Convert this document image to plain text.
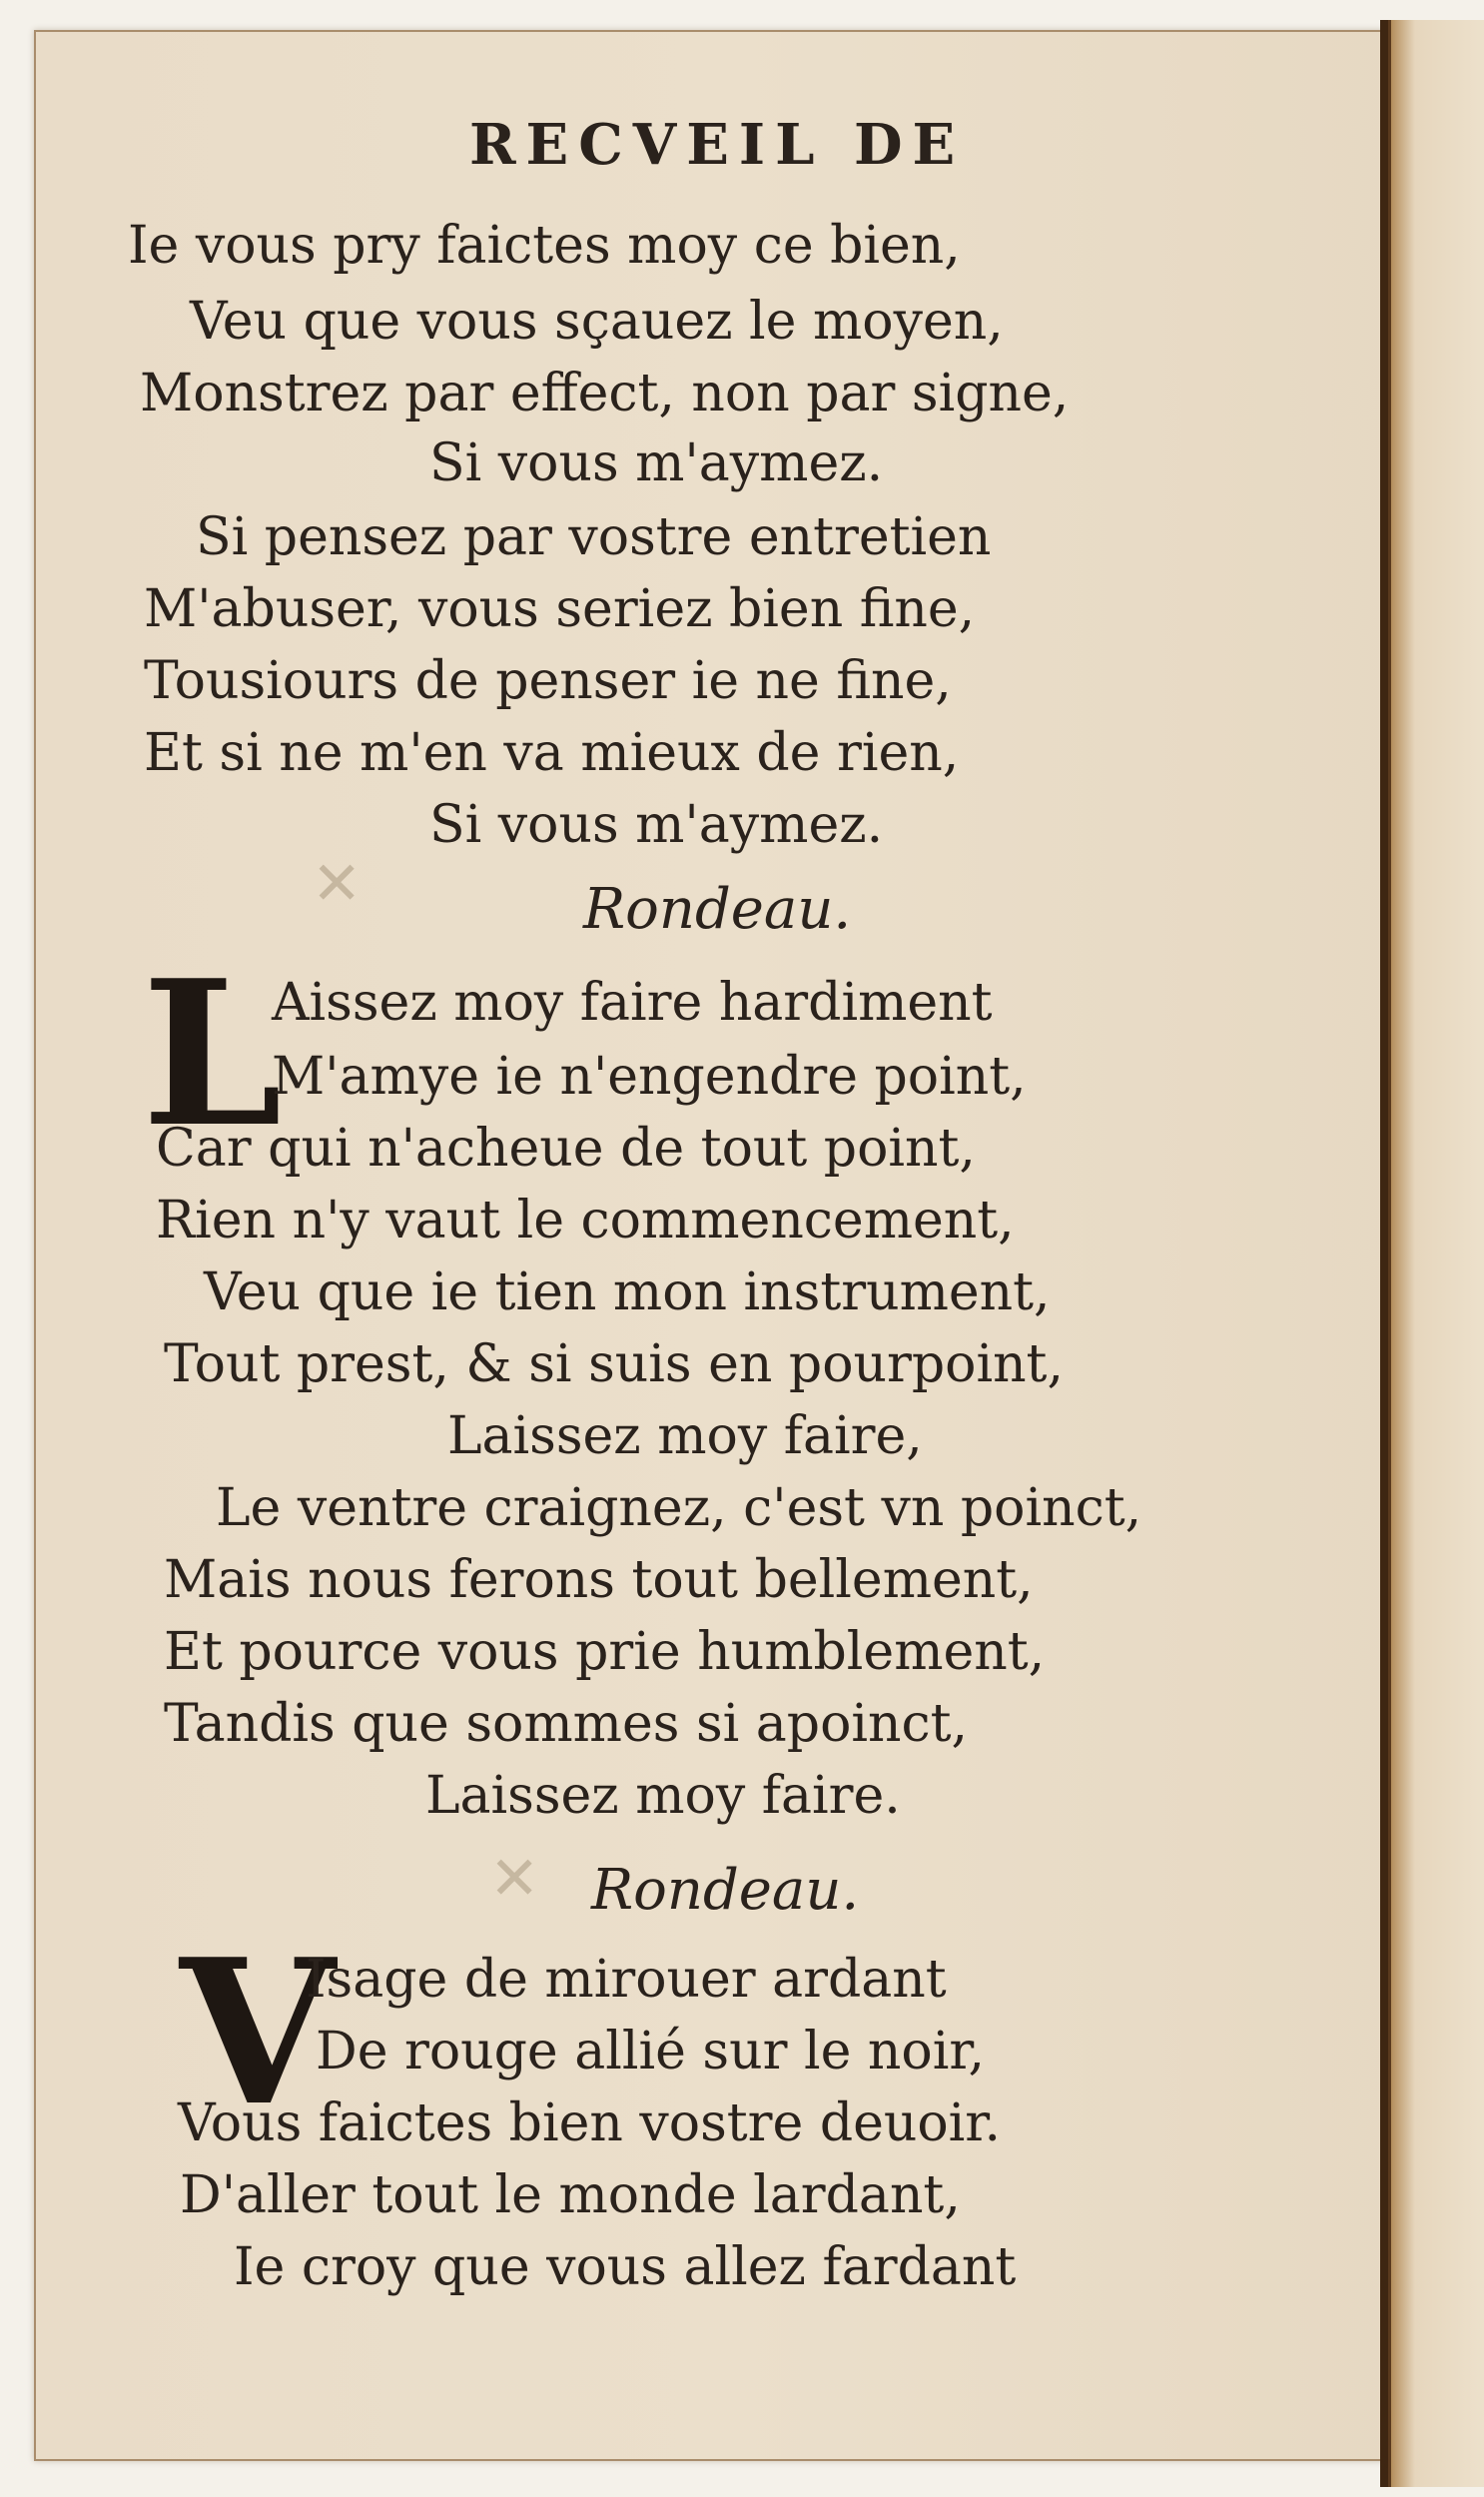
RECVEIL DE
Ie vous pry faictes moy ce bien,
Veu que vous sçauez le moyen,
Monstrez par effect, non par signe,
Si vous m'aymez.
Si pensez par vostre entretien
M'abuser, vous seriez bien fine,
Tousiours de penser ie ne fine,
Et si ne m'en va mieux de rien,
Si vous m'aymez.
✕	Rondeau.
L
Aissez moy faire hardiment
M'amye ie n'engendre point,
Car qui n'acheue de tout point,
Rien n'y vaut le commencement,
Veu que ie tien mon instrument,
Tout prest, & si suis en pourpoint,
Laissez moy faire,
Le ventre craignez, c'est vn poinct,
Mais nous ferons tout bellement,
Et pource vous prie humblement,
Tandis que sommes si apoinct,
Laissez moy faire.
✕ Rondeau.
V
Isage de mirouer ardant
De rouge allié sur le noir,
Vous faictes bien vostre deuoir.
D'aller tout le monde lardant,
Ie croy que vous allez fardant
